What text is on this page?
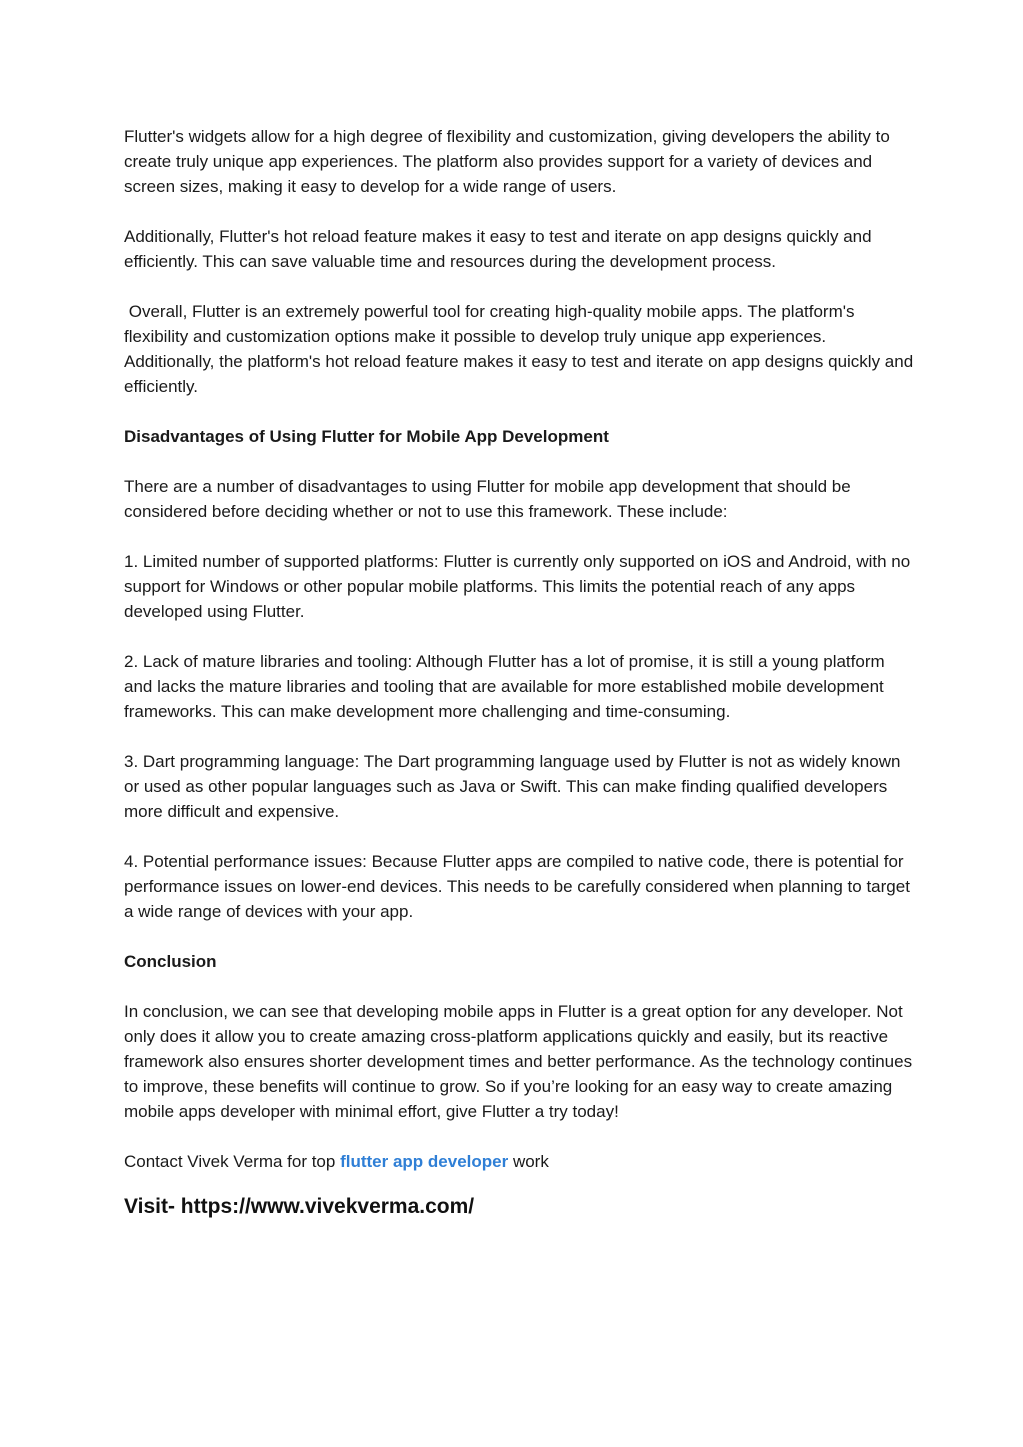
Flutter's widgets allow for a high degree of flexibility and customization, giving developers the ability to create truly unique app experiences. The platform also provides support for a variety of devices and screen sizes, making it easy to develop for a wide range of users.

Additionally, Flutter's hot reload feature makes it easy to test and iterate on app designs quickly and efficiently. This can save valuable time and resources during the development process.

Overall, Flutter is an extremely powerful tool for creating high-quality mobile apps. The platform's flexibility and customization options make it possible to develop truly unique app experiences. Additionally, the platform's hot reload feature makes it easy to test and iterate on app designs quickly and efficiently.

Disadvantages of Using Flutter for Mobile App Development

There are a number of disadvantages to using Flutter for mobile app development that should be considered before deciding whether or not to use this framework. These include:

1. Limited number of supported platforms: Flutter is currently only supported on iOS and Android, with no support for Windows or other popular mobile platforms. This limits the potential reach of any apps developed using Flutter.

2. Lack of mature libraries and tooling: Although Flutter has a lot of promise, it is still a young platform and lacks the mature libraries and tooling that are available for more established mobile development frameworks. This can make development more challenging and time-consuming.

3. Dart programming language: The Dart programming language used by Flutter is not as widely known or used as other popular languages such as Java or Swift. This can make finding qualified developers more difficult and expensive.

4. Potential performance issues: Because Flutter apps are compiled to native code, there is potential for performance issues on lower-end devices. This needs to be carefully considered when planning to target a wide range of devices with your app.

Conclusion

In conclusion, we can see that developing mobile apps in Flutter is a great option for any developer. Not only does it allow you to create amazing cross-platform applications quickly and easily, but its reactive framework also ensures shorter development times and better performance. As the technology continues to improve, these benefits will continue to grow. So if you’re looking for an easy way to create amazing mobile apps developer with minimal effort, give Flutter a try today!

Contact Vivek Verma for top flutter app developer work

Visit- https://www.vivekverma.com/
